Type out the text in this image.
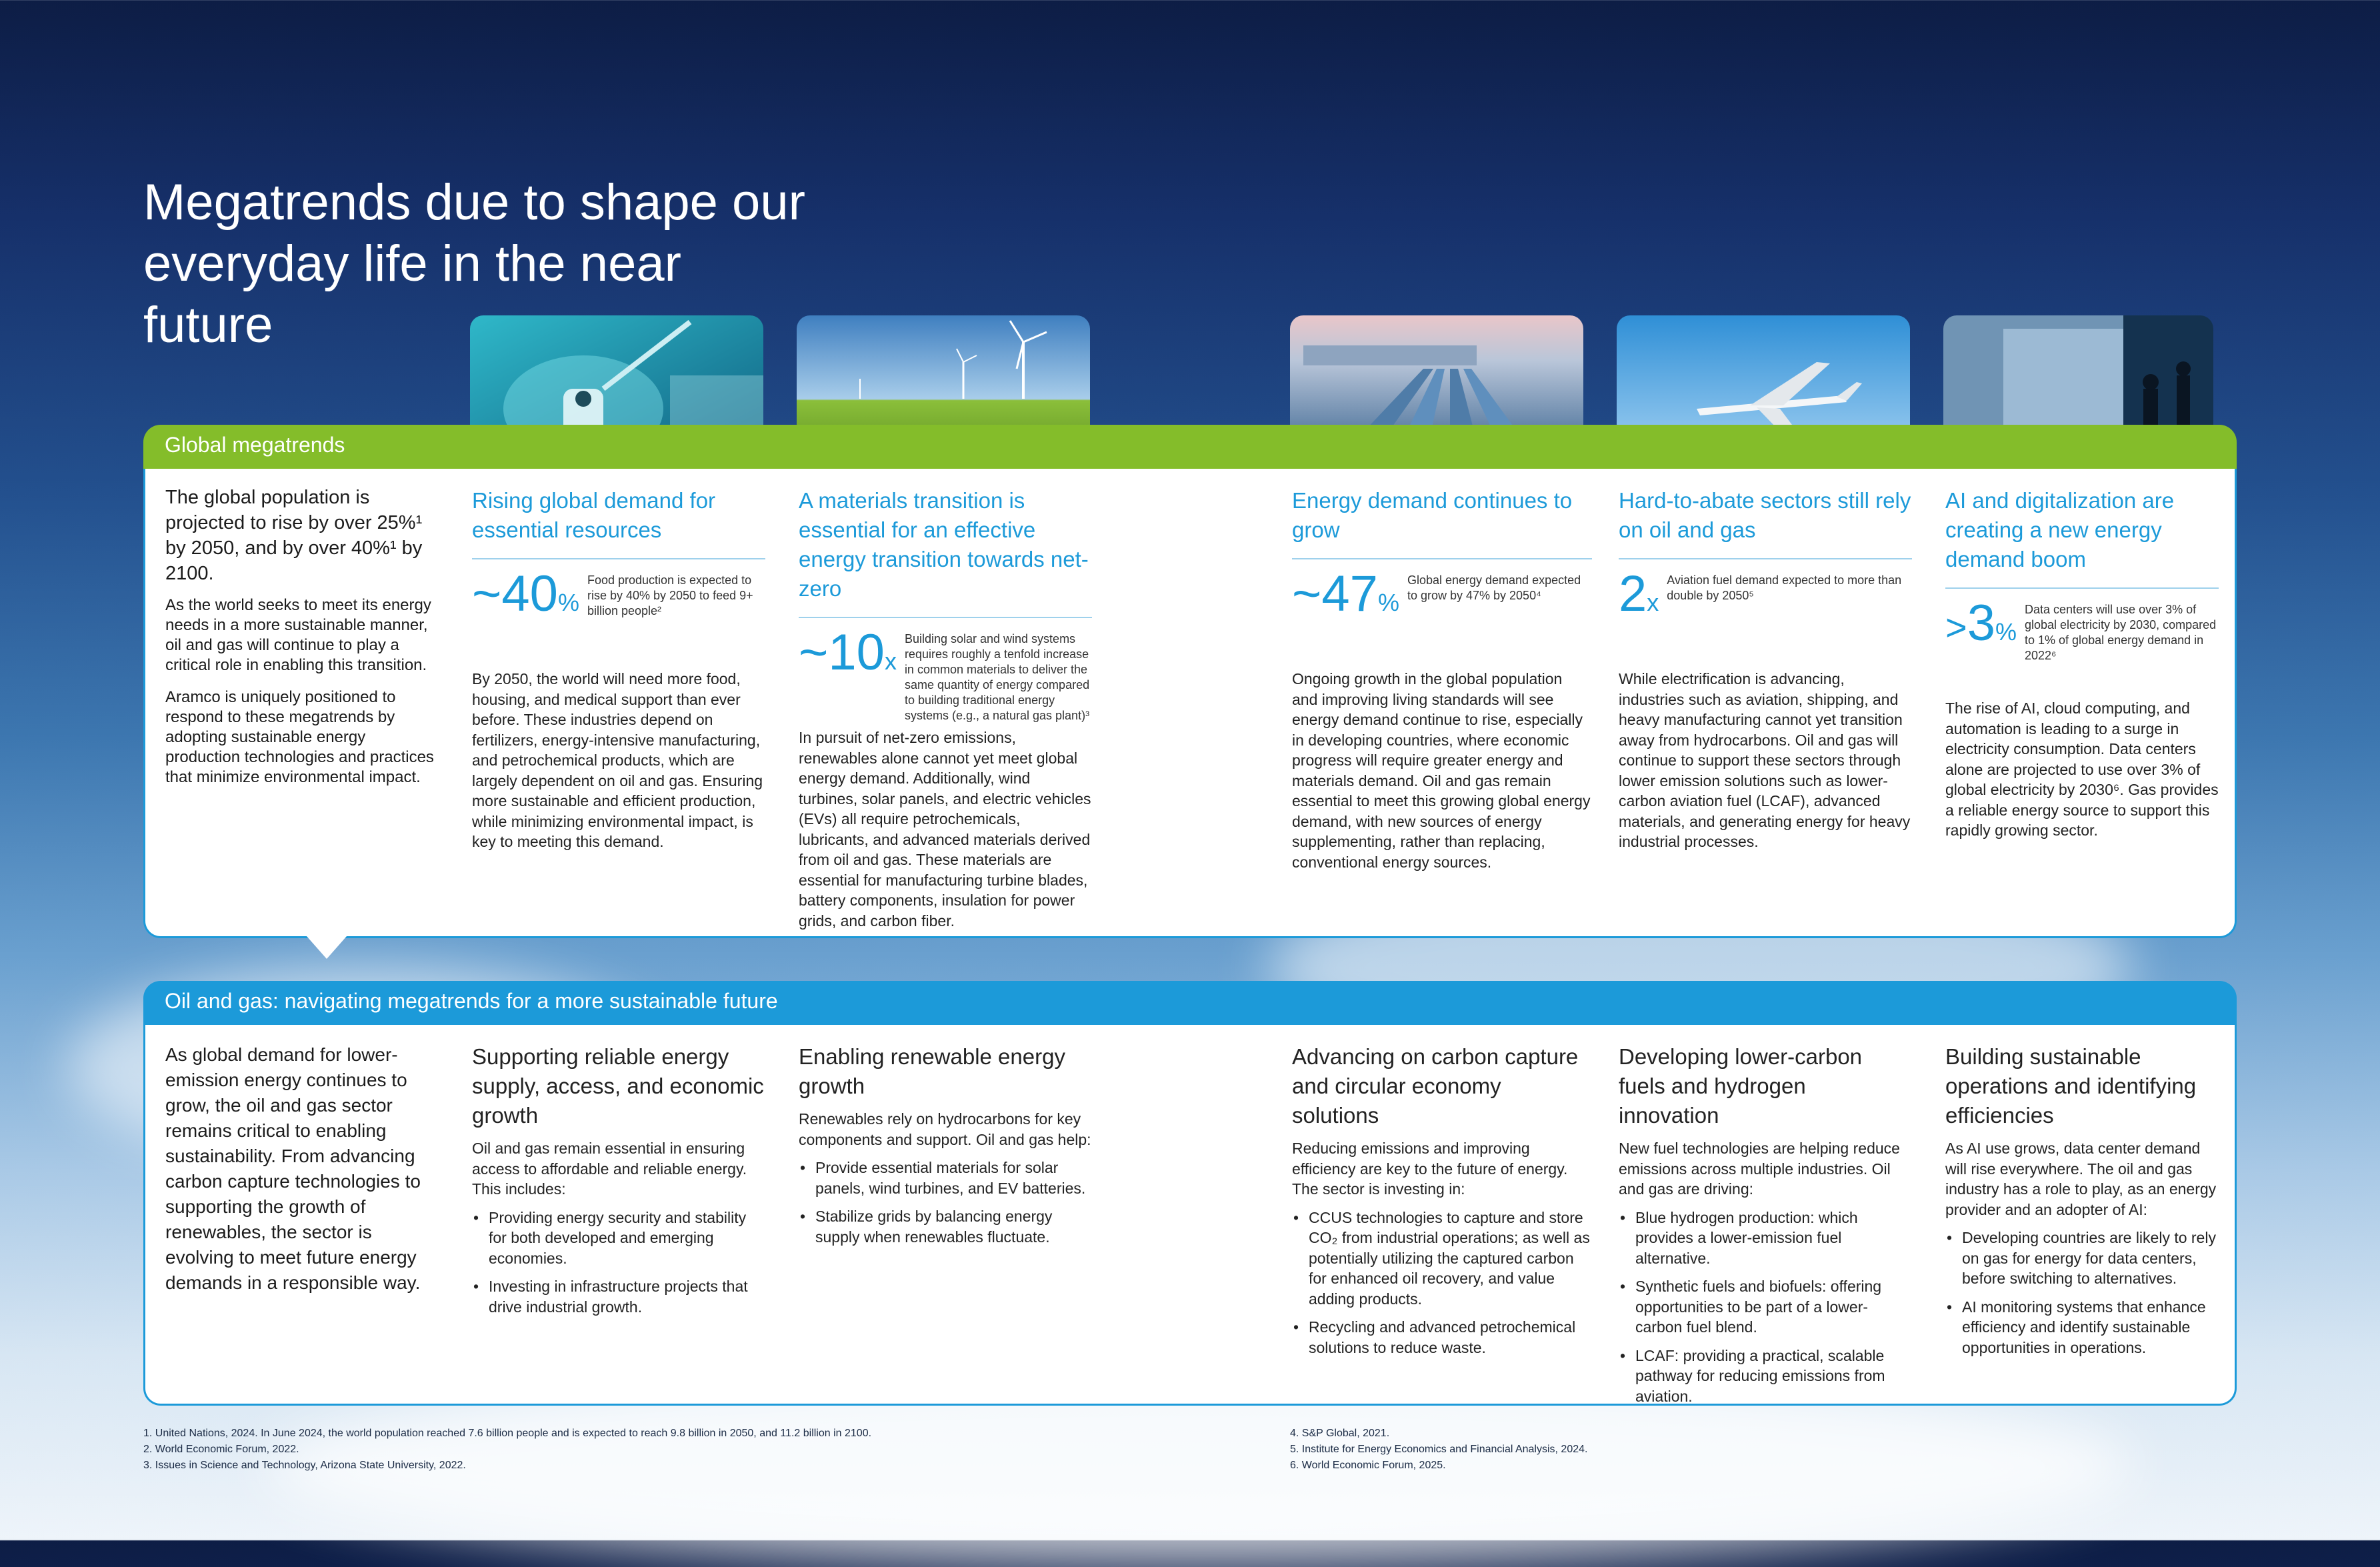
Megatrends due to shape our everyday life in the near future
Global megatrends

The global population is projected to rise by over 25%¹ by 2050, and by over 40%¹ by 2100.

As the world seeks to meet its energy needs in a more sustainable manner, oil and gas will continue to play a critical role in enabling this transition.

Aramco is uniquely positioned to respond to these megatrends by adopting sustainable energy production technologies and practices that minimize environmental impact.

Rising global demand for essential resources
~40%
Food production is expected to rise by 40% by 2050 to feed 9+ billion people²

By 2050, the world will need more food, housing, and medical support than ever before. These industries depend on fertilizers, energy-intensive manufacturing, and petrochemical products, which are largely dependent on oil and gas. Ensuring more sustainable and efficient production, while minimizing environmental impact, is key to meeting this demand.

A materials transition is essential for an effective energy transition towards net-zero
~10x
Building solar and wind systems requires roughly a tenfold increase in common materials to deliver the same quantity of energy compared to building traditional energy systems (e.g., a natural gas plant)³

In pursuit of net-zero emissions, renewables alone cannot yet meet global energy demand. Additionally, wind turbines, solar panels, and electric vehicles (EVs) all require petrochemicals, lubricants, and advanced materials derived from oil and gas. These materials are essential for manufacturing turbine blades, battery components, insulation for power grids, and carbon fiber.

Energy demand continues to grow
~47%
Global energy demand expected to grow by 47% by 2050⁴

Ongoing growth in the global population and improving living standards will see energy demand continue to rise, especially in developing countries, where economic progress will require greater energy and materials demand. Oil and gas remain essential to meet this growing global energy demand, with new sources of energy supplementing, rather than replacing, conventional energy sources.

Hard-to-abate sectors still rely on oil and gas
2x
Aviation fuel demand expected to more than double by 2050⁵

While electrification is advancing, industries such as aviation, shipping, and heavy manufacturing cannot yet transition away from hydrocarbons. Oil and gas will continue to support these sectors through lower emission solutions such as lower-carbon aviation fuel (LCAF), advanced materials, and generating energy for heavy industrial processes.

AI and digitalization are creating a new energy demand boom
>3%
Data centers will use over 3% of global electricity by 2030, compared to 1% of global energy demand in 2022⁶

The rise of AI, cloud computing, and automation is leading to a surge in electricity consumption. Data centers alone are projected to use over 3% of global electricity by 2030⁶. Gas provides a reliable energy source to support this rapidly growing sector.

Oil and gas: navigating megatrends for a more sustainable future

As global demand for lower-emission energy continues to grow, the oil and gas sector remains critical to enabling sustainability. From advancing carbon capture technologies to supporting the growth of renewables, the sector is evolving to meet future energy demands in a responsible way.

Supporting reliable energy supply, access, and economic growth

Oil and gas remain essential in ensuring access to affordable and reliable energy. This includes:

• Providing energy security and stability for both developed and emerging economies.
• Investing in infrastructure projects that drive industrial growth.
Enabling renewable energy growth

Renewables rely on hydrocarbons for key components and support. Oil and gas help:

• Provide essential materials for solar panels, wind turbines, and EV batteries.
• Stabilize grids by balancing energy supply when renewables fluctuate.
Advancing on carbon capture and circular economy solutions

Reducing emissions and improving efficiency are key to the future of energy. The sector is investing in:

• CCUS technologies to capture and store CO₂ from industrial operations; as well as potentially utilizing the captured carbon for enhanced oil recovery, and value adding products.
• Recycling and advanced petrochemical solutions to reduce waste.
Developing lower-carbon fuels and hydrogen innovation

New fuel technologies are helping reduce emissions across multiple industries. Oil and gas are driving:

• Blue hydrogen production: which provides a lower-emission fuel alternative.
• Synthetic fuels and biofuels: offering opportunities to be part of a lower-carbon fuel blend.
• LCAF: providing a practical, scalable pathway for reducing emissions from aviation.
Building sustainable operations and identifying efficiencies

As AI use grows, data center demand will rise everywhere. The oil and gas industry has a role to play, as an energy provider and an adopter of AI:

• Developing countries are likely to rely on gas for energy for data centers, before switching to alternatives.
• AI monitoring systems that enhance efficiency and identify sustainable opportunities in operations.
1. United Nations, 2024. In June 2024, the world population reached 7.6 billion people and is expected to reach 9.8 billion in 2050, and 11.2 billion in 2100.
2. World Economic Forum, 2022.
3. Issues in Science and Technology, Arizona State University, 2022.
4. S&P Global, 2021.
5. Institute for Energy Economics and Financial Analysis, 2024.
6. World Economic Forum, 2025.
